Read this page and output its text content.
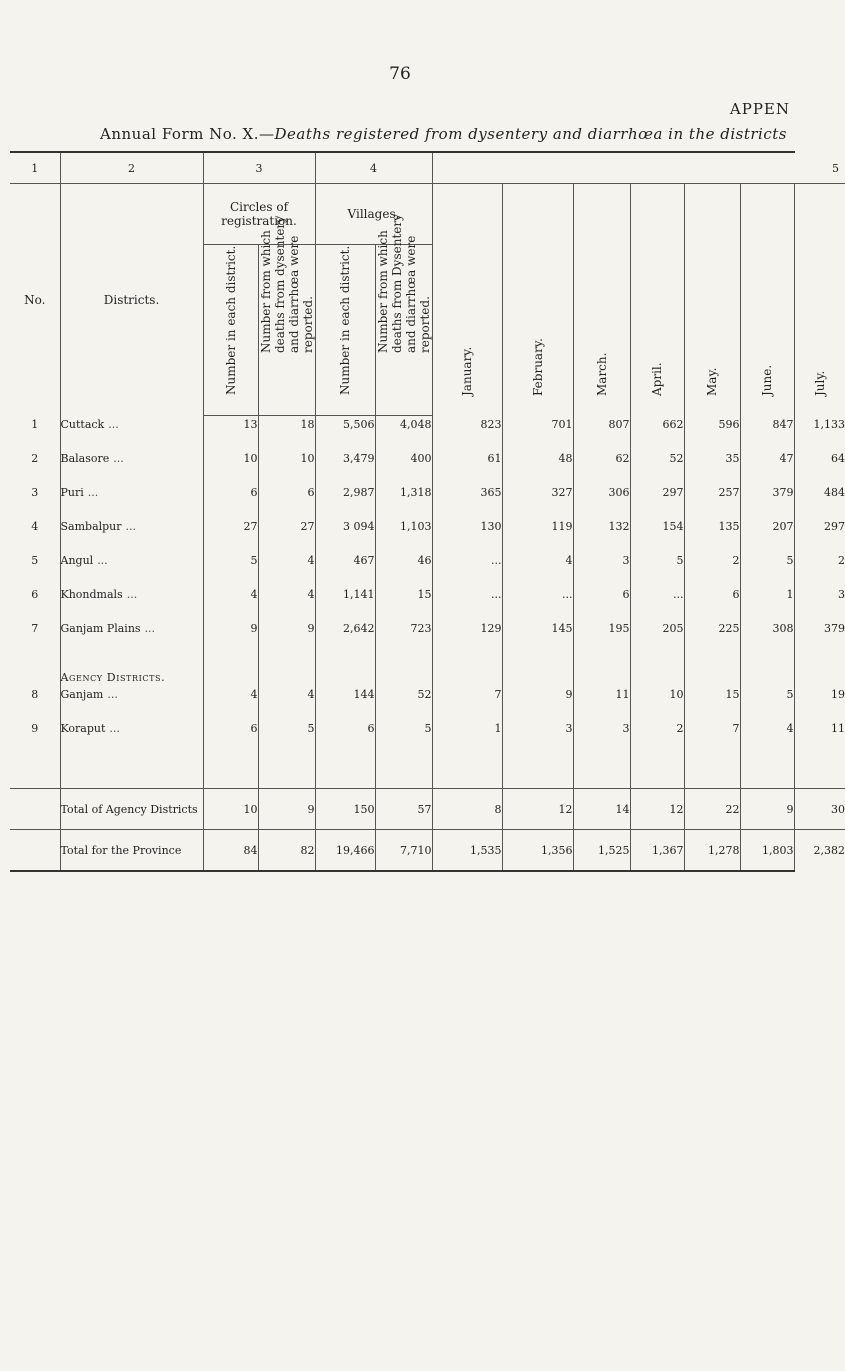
76
APPEN
Annual Form No. X.—Deaths registered from dysentery and diarrhœa in the districts
1	2	3		4		5						
No.	Districts.	Circles of registration.		Villages.		January.	February.	March.	April.	May.	June.	July.

		Number in each district.	Number from which deaths from dysentery and diarrhœa were reported.	Number in each district.	Number from which deaths from Dysentery and diarrhœa were reported.							

1	Cuttack ...	13	18	5,506	4,048	823	701	807	662	596	847	1,133
2	Balasore ...	10	10	3,479	400	61	48	62	52	35	47	64
3	Puri ...	6	6	2,987	1,318	365	327	306	297	257	379	484
4	Sambalpur ...	27	27	3 094	1,103	130	119	132	154	135	207	297
5	Angul ...	5	4	467	46	...	4	3	5	2	5	2
6	Khondmals ...	4	4	1,141	15	...	...	6	...	6	1	3
7	Ganjam Plains ...	9	9	2,642	723	129	145	195	205	225	308	379
	Agency Districts.											
8	Ganjam ...	4	4	144	52	7	9	11	10	15	5	19
9	Koraput ...	6	5	6	5	1	3	3	2	7	4	11

	Total of Agency Districts	10	9	150	57	8	12	14	12	22	9	30
	Total for the Province	84	82	19,466	7,710	1,535	1,356	1,525	1,367	1,278	1,803	2,382
